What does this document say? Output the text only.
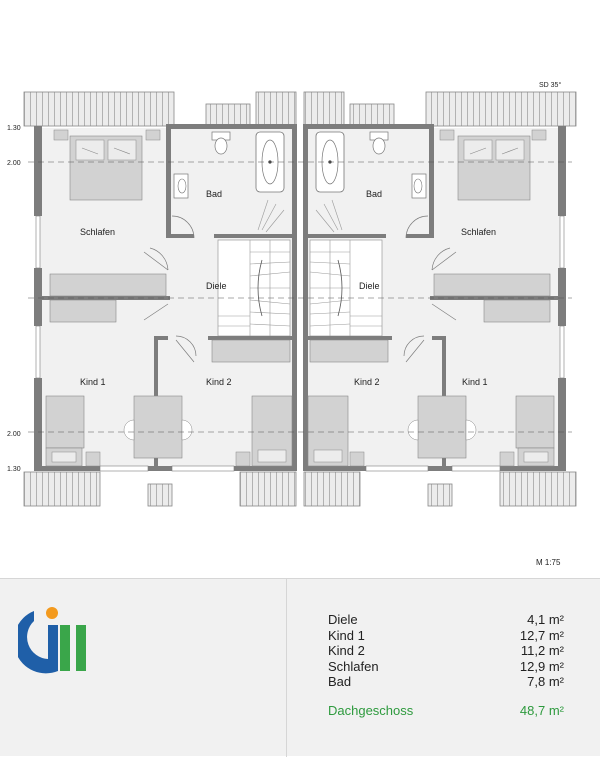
1.30
2.00
2.00
1.30
SD 35°
Bad
Schlafen
Diele
Kind 1	Kind 2
Bad
Schlafen
Diele
Kind 2	Kind 1
M 1:75
Diele	4,1 m²
Kind 1	12,7 m²
Kind 2	11,2 m²
Schlafen	12,9 m²
Bad	7,8 m²
Dachgeschoss	48,7 m²
